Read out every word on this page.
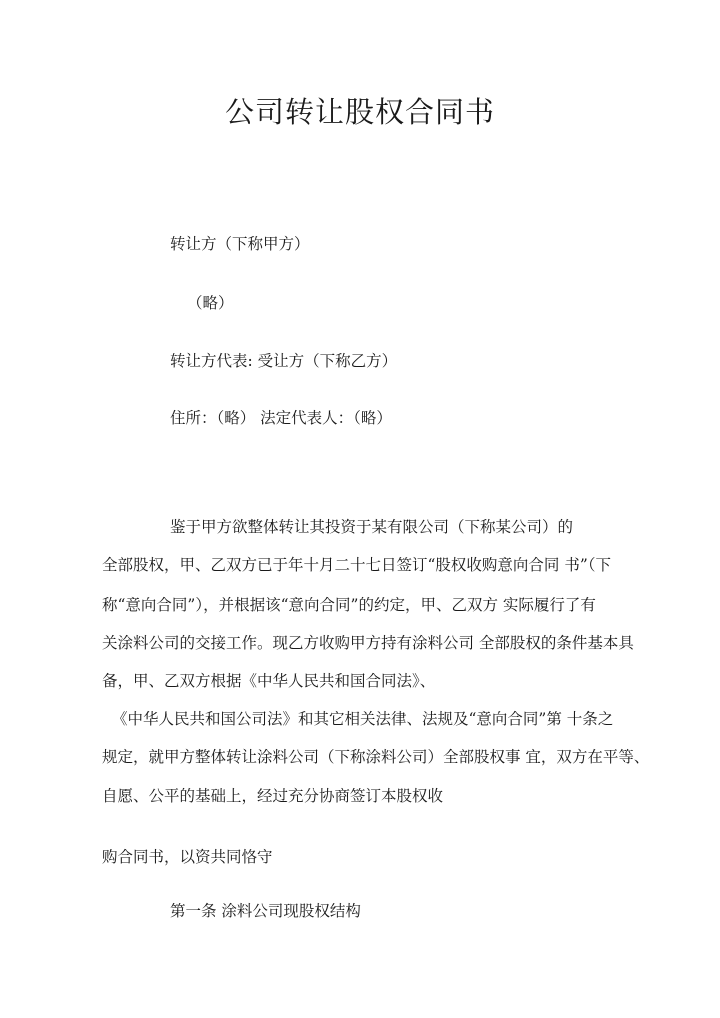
公司转让股权合同书
转让方（下称甲方）
（略）
转让方代表: 受让方（下称乙方）
住所：（略） 法定代表人：（略）
鉴于甲方欲整体转让其投资于某有限公司（下称某公司）的
全部股权，甲、乙双方已于年十月二十七日签订“股权收购意向合同 书”（下
称“意向合同”），并根据该“意向合同”的约定，甲、乙双方 实际履行了有
关涂料公司的交接工作。现乙方收购甲方持有涂料公司 全部股权的条件基本具
备，甲、乙双方根据《中华人民共和国合同法》、
《中华人民共和国公司法》和其它相关法律、法规及“意向合同”第 十条之
规定，就甲方整体转让涂料公司（下称涂料公司）全部股权事 宜，双方在平等、
自愿、公平的基础上，经过充分协商签订本股权收
购合同书，以资共同恪守
第一条 涂料公司现股权结构
